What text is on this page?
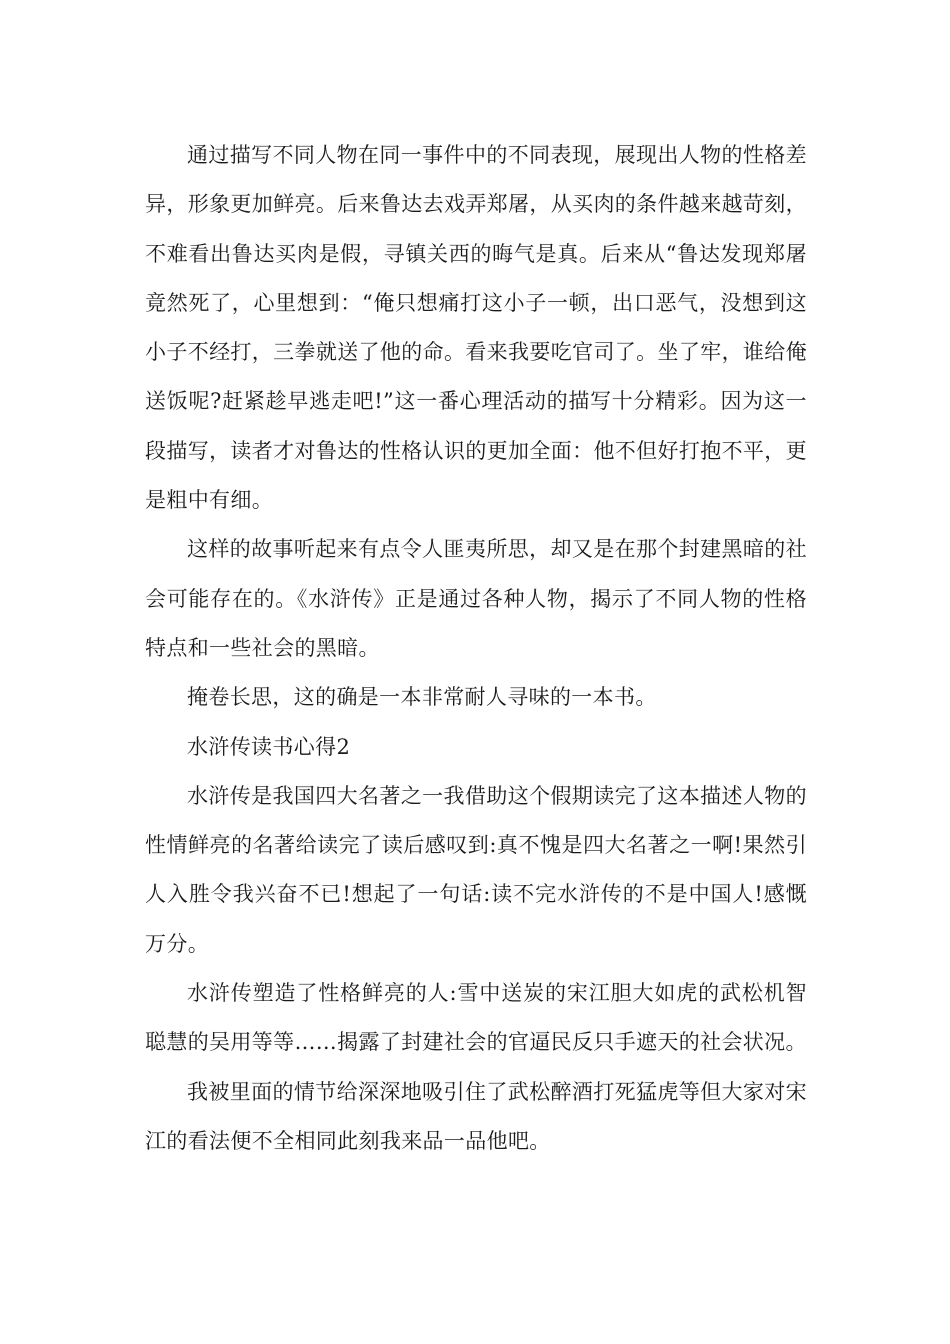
通过描写不同人物在同一事件中的不同表现，展现出人物的性格差异，形象更加鲜亮。后来鲁达去戏弄郑屠，从买肉的条件越来越苛刻，不难看出鲁达买肉是假，寻镇关西的晦气是真。后来从“鲁达发现郑屠竟然死了，心里想到：“俺只想痛打这小子一顿，出口恶气，没想到这小子不经打，三拳就送了他的命。看来我要吃官司了。坐了牢，谁给俺送饭呢?赶紧趁早逃走吧!”这一番心理活动的描写十分精彩。因为这一段描写，读者才对鲁达的性格认识的更加全面：他不但好打抱不平，更是粗中有细。

这样的故事听起来有点令人匪夷所思，却又是在那个封建黑暗的社会可能存在的。《水浒传》正是通过各种人物，揭示了不同人物的性格特点和一些社会的黑暗。

掩卷长思，这的确是一本非常耐人寻味的一本书。

水浒传读书心得2

水浒传是我国四大名著之一我借助这个假期读完了这本描述人物的性情鲜亮的名著给读完了读后感叹到:真不愧是四大名著之一啊!果然引人入胜令我兴奋不已!想起了一句话:读不完水浒传的不是中国人!感慨万分。

水浒传塑造了性格鲜亮的人:雪中送炭的宋江胆大如虎的武松机智聪慧的吴用等等……揭露了封建社会的官逼民反只手遮天的社会状况。

我被里面的情节给深深地吸引住了武松醉酒打死猛虎等但大家对宋江的看法便不全相同此刻我来品一品他吧。
